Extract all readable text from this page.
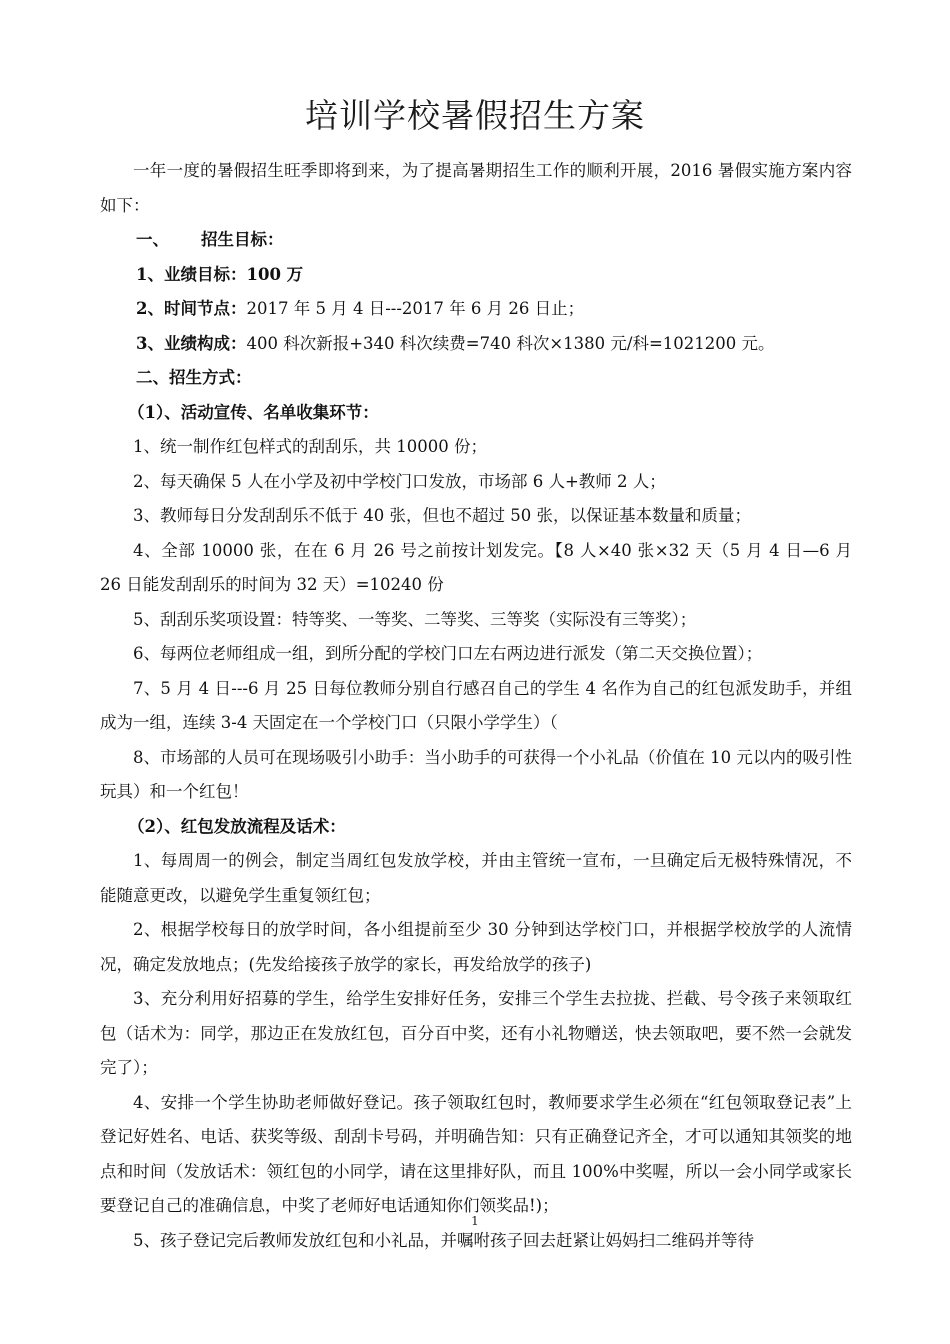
培训学校暑假招生方案

一年一度的暑假招生旺季即将到来，为了提高暑期招生工作的顺利开展，2016 暑假实施方案内容如下：

一、 招生目标：

1、业绩目标：100 万

2、时间节点：2017 年 5 月 4 日---2017 年 6 月 26 日止；

3、业绩构成：400 科次新报+340 科次续费=740 科次×1380 元/科=1021200 元。

二、招生方式：

（1）、活动宣传、名单收集环节：

1、统一制作红包样式的刮刮乐，共 10000 份；

2、每天确保 5 人在小学及初中学校门口发放，市场部 6 人+教师 2 人；

3、教师每日分发刮刮乐不低于 40 张，但也不超过 50 张，以保证基本数量和质量；

4、全部 10000 张，在在 6 月 26 号之前按计划发完。【8 人×40 张×32 天（5 月 4 日—6 月 26 日能发刮刮乐的时间为 32 天）=10240 份

5、刮刮乐奖项设置：特等奖、一等奖、二等奖、三等奖（实际没有三等奖）；

6、每两位老师组成一组，到所分配的学校门口左右两边进行派发（第二天交换位置）；

7、5 月 4 日---6 月 25 日每位教师分别自行感召自己的学生 4 名作为自己的红包派发助手，并组成为一组，连续 3-4 天固定在一个学校门口（只限小学学生）（

8、市场部的人员可在现场吸引小助手：当小助手的可获得一个小礼品（价值在 10 元以内的吸引性玩具）和一个红包！

（2）、红包发放流程及话术：

1、每周周一的例会，制定当周红包发放学校，并由主管统一宣布，一旦确定后无极特殊情况，不能随意更改，以避免学生重复领红包；

2、根据学校每日的放学时间，各小组提前至少 30 分钟到达学校门口，并根据学校放学的人流情况，确定发放地点；(先发给接孩子放学的家长，再发给放学的孩子)

3、充分利用好招募的学生，给学生安排好任务，安排三个学生去拉拢、拦截、号令孩子来领取红包（话术为：同学，那边正在发放红包，百分百中奖，还有小礼物赠送，快去领取吧，要不然一会就发完了）；

4、安排一个学生协助老师做好登记。孩子领取红包时，教师要求学生必须在“红包领取登记表”上登记好姓名、电话、获奖等级、刮刮卡号码，并明确告知：只有正确登记齐全，才可以通知其领奖的地点和时间（发放话术：领红包的小同学，请在这里排好队，而且 100%中奖喔，所以一会小同学或家长要登记自己的准确信息，中奖了老师好电话通知你们领奖品!)；

5、孩子登记完后教师发放红包和小礼品，并嘱咐孩子回去赶紧让妈妈扫二维码并等待

1
